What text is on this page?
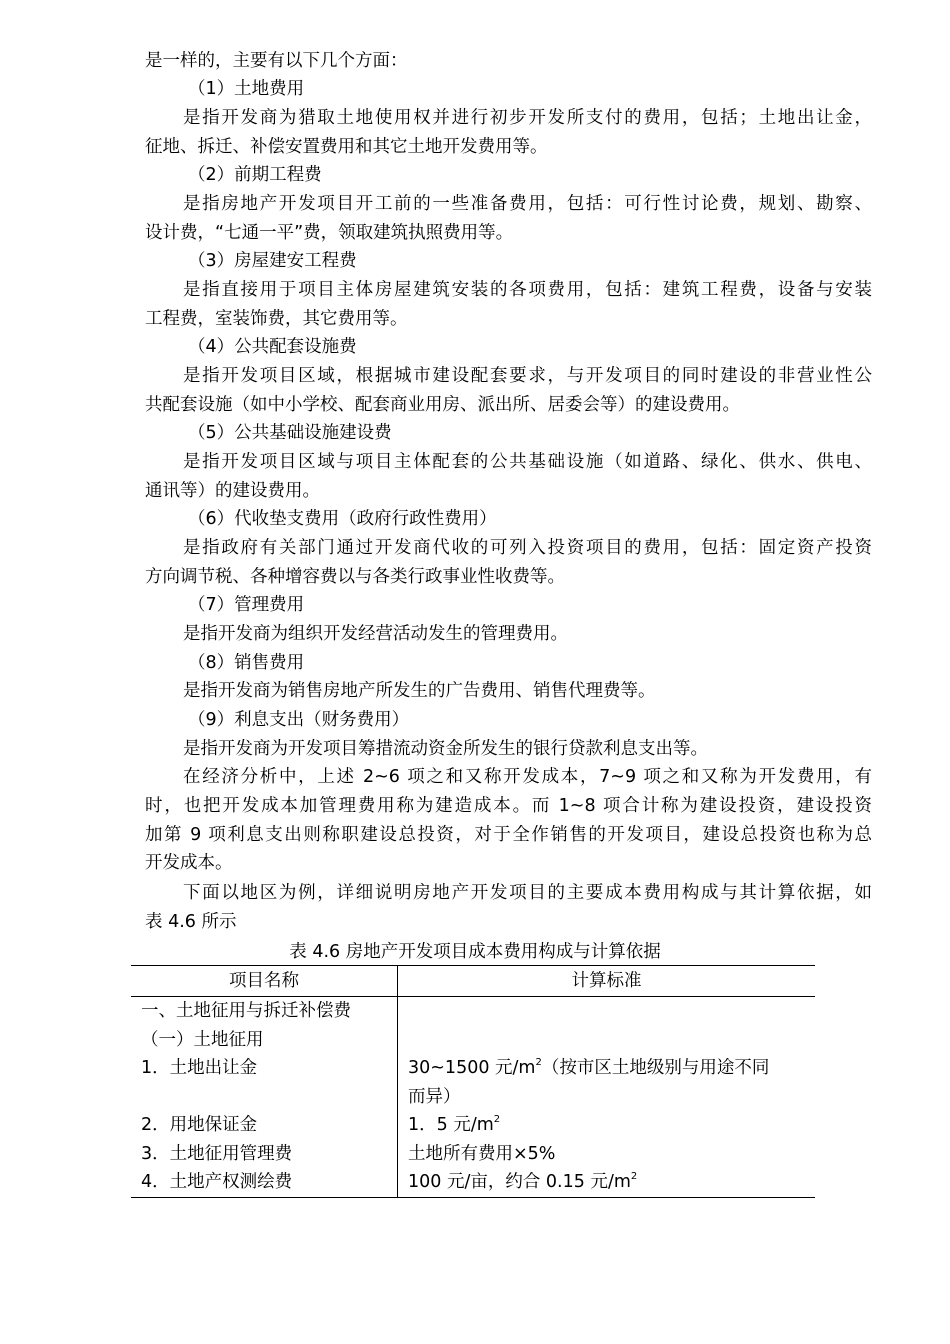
是一样的，主要有以下几个方面：
（1）土地费用
是指开发商为猎取土地使用权并进行初步开发所支付的费用，包括；土地出让金，
征地、拆迁、补偿安置费用和其它土地开发费用等。
（2）前期工程费
是指房地产开发项目开工前的一些准备费用，包括：可行性讨论费，规划、勘察、
设计费，“七通一平”费，领取建筑执照费用等。
（3）房屋建安工程费
是指直接用于项目主体房屋建筑安装的各项费用，包括：建筑工程费，设备与安装
工程费，室装饰费，其它费用等。
（4）公共配套设施费
是指开发项目区域，根据城市建设配套要求，与开发项目的同时建设的非营业性公
共配套设施（如中小学校、配套商业用房、派出所、居委会等）的建设费用。
（5）公共基础设施建设费
是指开发项目区域与项目主体配套的公共基础设施（如道路、绿化、供水、供电、
通讯等）的建设费用。
（6）代收垫支费用（政府行政性费用）
是指政府有关部门通过开发商代收的可列入投资项目的费用，包括：固定资产投资
方向调节税、各种增容费以与各类行政事业性收费等。
（7）管理费用
是指开发商为组织开发经营活动发生的管理费用。
（8）销售费用
是指开发商为销售房地产所发生的广告费用、销售代理费等。
（9）利息支出（财务费用）
是指开发商为开发项目筹措流动资金所发生的银行贷款利息支出等。
在经济分析中，上述 2~6 项之和又称开发成本，7~9 项之和又称为开发费用，有
时，也把开发成本加管理费用称为建造成本。而 1~8 项合计称为建设投资，建设投资
加第 9 项利息支出则称职建设总投资，对于全作销售的开发项目，建设总投资也称为总
开发成本。
下面以地区为例，详细说明房地产开发项目的主要成本费用构成与其计算依据，如
表 4.6 所示
表 4.6 房地产开发项目成本费用构成与计算依据
项目名称	计算标准
一、土地征用与拆迁补偿费	
（一）土地征用	
1．土地出让金	30~1500 元$/m^2$（按市区土地级别与用途不同
	而异）
2．用地保证金	1．5 元$/m^2$
3．土地征用管理费	土地所有费用×5%
4．土地产权测绘费	100 元/亩，约合 0.15 元$/m^2$
